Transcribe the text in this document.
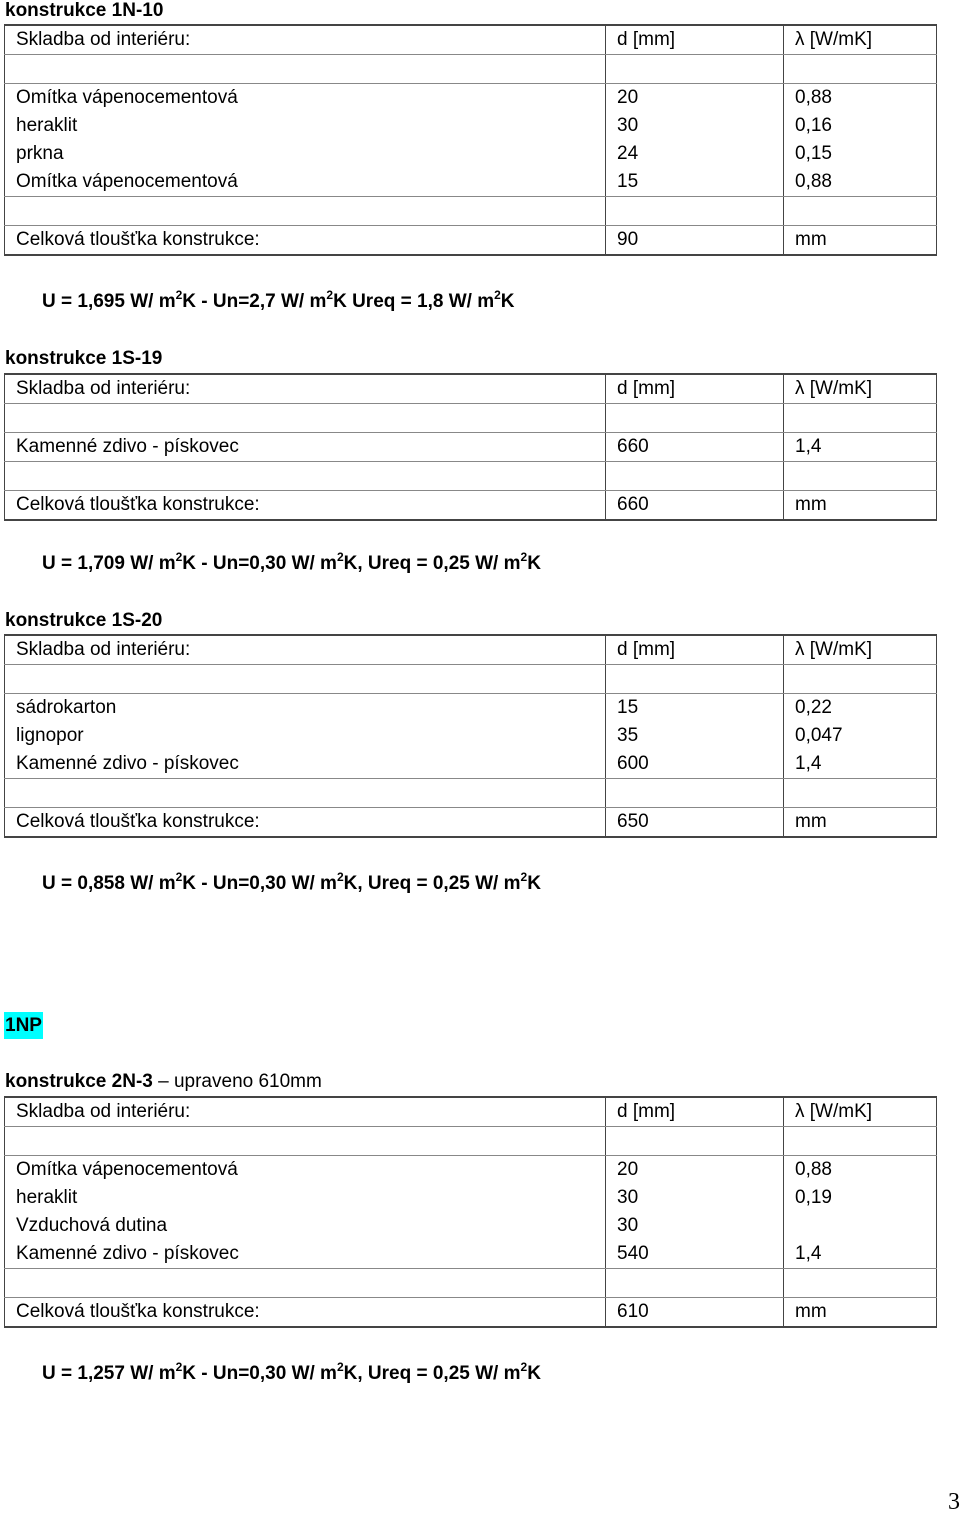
konstrukce 1N-10
Skladba od interiéru:	d [mm]	λ [W/mK]

Omítka vápenocementová	20	0,88
heraklit	30	0,16
prkna	24	0,15
Omítka vápenocementová	15	0,88

Celková tloušťka konstrukce:	90	mm
U = 1,695 W/ $m^2K - Un=2,7$ W/ $m^2K$ Ureq = 1,8 W/ $m^2K$
konstrukce 1S-19
Skladba od interiéru:	d [mm]	λ [W/mK]

Kamenné zdivo - pískovec	660	1,4

Celková tloušťka konstrukce:	660	mm
U = 1,709 W/ $m^2K - Un=0,30$ W/ $m^2K$, Ureq = 0,25 W/ $m^2K$
konstrukce 1S-20
Skladba od interiéru:	d [mm]	λ [W/mK]

sádrokarton	15	0,22
lignopor	35	0,047
Kamenné zdivo - pískovec	600	1,4

Celková tloušťka konstrukce:	650	mm
U = 0,858 W/ $m^2K - Un=0,30$ W/ $m^2K$, Ureq = 0,25 W/ $m^2K$
1NP
konstrukce 2N-3 – upraveno 610mm
Skladba od interiéru:	d [mm]	λ [W/mK]

Omítka vápenocementová	20	0,88
heraklit	30	0,19
Vzduchová dutina	30	
Kamenné zdivo - pískovec	540	1,4

Celková tloušťka konstrukce:	610	mm
U = 1,257 W/ $m^2K - Un=0,30$ W/ $m^2K$, Ureq = 0,25 W/ $m^2K$
3
